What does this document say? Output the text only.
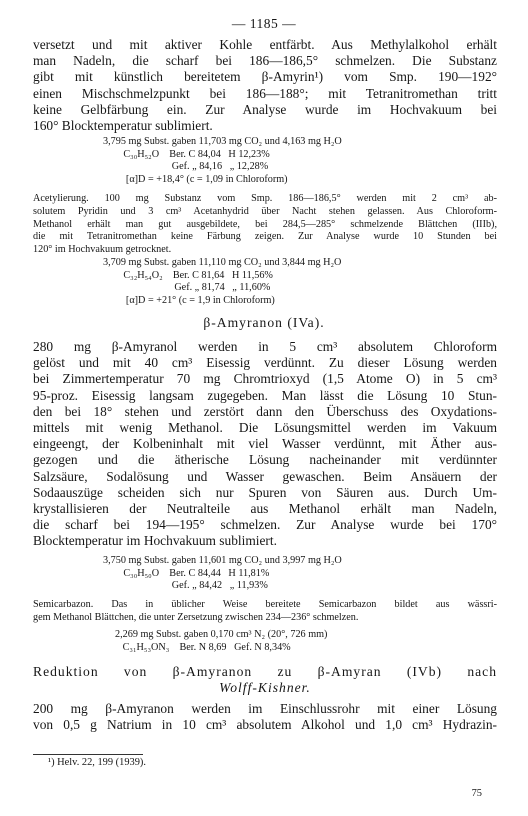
— 1185 —
versetzt und mit aktiver Kohle entfärbt. Aus Methylalkohol erhält
man Nadeln, die scharf bei 186—186,5° schmelzen. Die Substanz
gibt mit künstlich bereitetem β-Amyrin¹) vom Smp. 190—192°
einen Mischschmelzpunkt bei 186—188°; mit Tetranitromethan tritt
keine Gelbfärbung ein. Zur Analyse wurde im Hochvakuum bei
160° Blocktemperatur sublimiert.
3,795 mg Subst. gaben 11,703 mg CO₂ und 4,163 mg H₂O
C₃₀H₅₂O    Ber. C 84,04   H 12,23%
Gef. „ 84,16   „ 12,28%
[α]D = +18,4° (c = 1,09 in Chloroform)
Acetylierung. 100 mg Substanz vom Smp. 186—186,5° werden mit 2 cm³ ab-
solutem Pyridin und 3 cm³ Acetanhydrid über Nacht stehen gelassen. Aus Chloroform-
Methanol erhält man gut ausgebildete, bei 284,5—285° schmelzende Blättchen (IIIb),
die mit Tetranitromethan keine Färbung zeigen. Zur Analyse wurde 10 Stunden bei
120° im Hochvakuum getrocknet.
3,709 mg Subst. gaben 11,110 mg CO₂ und 3,844 mg H₂O
C₃₂H₅₄O₂    Ber. C 81,64   H 11,56%
Gef. „ 81,74   „ 11,60%
[α]D = +21° (c = 1,9 in Chloroform)
β-Amyranon (IVa).
280 mg β-Amyranol werden in 5 cm³ absolutem Chloroform
gelöst und mit 40 cm³ Eisessig verdünnt. Zu dieser Lösung werden
bei Zimmertemperatur 70 mg Chromtrioxyd (1,5 Atome O) in 5 cm³
95-proz. Eisessig langsam zugegeben. Man lässt die Lösung 10 Stun-
den bei 18° stehen und zerstört dann den Überschuss des Oxydations-
mittels mit wenig Methanol. Die Lösungsmittel werden im Vakuum
eingeengt, der Kolbeninhalt mit viel Wasser verdünnt, mit Äther aus-
gezogen und die ätherische Lösung nacheinander mit verdünnter
Salzsäure, Sodalösung und Wasser gewaschen. Beim Ansäuern der
Sodaauszüge scheiden sich nur Spuren von Säuren aus. Durch Um-
krystallisieren der Neutralteile aus Methanol erhält man Nadeln,
die scharf bei 194—195° schmelzen. Zur Analyse wurde bei 170°
Blocktemperatur im Hochvakuum sublimiert.
3,750 mg Subst. gaben 11,601 mg CO₂ und 3,997 mg H₂O
C₃₀H₅₀O    Ber. C 84,44   H 11,81%
Gef. „ 84,42   „ 11,93%
Semicarbazon. Das in üblicher Weise bereitete Semicarbazon bildet aus wässri-
gem Methanol Blättchen, die unter Zersetzung zwischen 234—236° schmelzen.
2,269 mg Subst. gaben 0,170 cm³ N₂ (20°, 726 mm)
C₃₁H₅₃ON₃    Ber. N 8,69   Gef. N 8,34%
Reduktion von β-Amyranon zu β-Amyran (IVb) nach
Wolff-Kishner.
200 mg β-Amyranon werden im Einschlussrohr mit einer Lösung
von 0,5 g Natrium in 10 cm³ absolutem Alkohol und 1,0 cm³ Hydrazin-
¹) Helv. 22, 199 (1939).
75
